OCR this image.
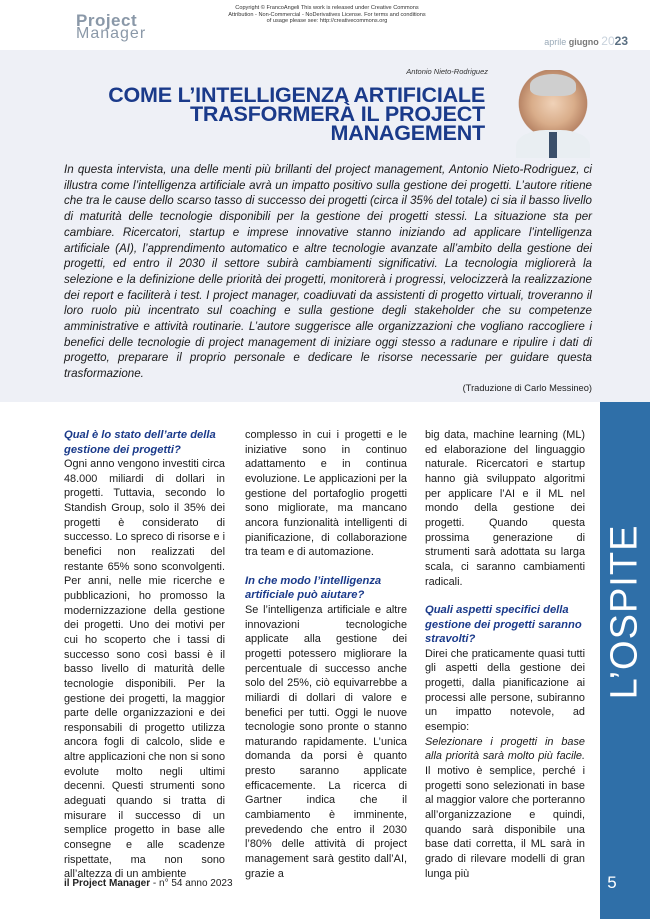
Project
Manager
Copyright © FrancoAngeli This work is released under Creative Commons Attribution - Non-Commercial - NoDerivatives License. For terms and conditions of usage please see: http://creativecommons.org
aprile giugno 2023
Antonio Nieto-Rodriguez
COME L’INTELLIGENZA ARTIFICIALE TRASFORMERÀ IL PROJECT MANAGEMENT

In questa intervista, una delle menti più brillanti del project management, Antonio Nieto-Rodriguez, ci illustra come l’intelligenza artificiale avrà un impatto positivo sulla gestione dei progetti. L’autore ritiene che tra le cause dello scarso tasso di successo dei progetti (circa il 35% del totale) ci sia il basso livello di maturità delle tecnologie disponibili per la gestione dei progetti stessi. La situazione sta per cambiare. Ricercatori, startup e imprese innovative stanno iniziando ad applicare l’intelligenza artificiale (AI), l’apprendimento automatico e altre tecnologie avanzate all’ambito della gestione dei progetti, ed entro il 2030 il settore subirà cambiamenti significativi. La tecnologia migliorerà la selezione e la definizione delle priorità dei progetti, monitorerà i progressi, velocizzerà la realizzazione dei report e faciliterà i test. I project manager, coadiuvati da assistenti di progetto virtuali, troveranno il loro ruolo più incentrato sul coaching e sulla gestione degli stakeholder che su competenze amministrative e attività routinarie. L’autore suggerisce alle organizzazioni che vogliano raccogliere i benefici delle tecnologie di project management di iniziare oggi stesso a radunare e ripulire i dati di progetto, preparare il proprio personale e dedicare le risorse necessarie per guidare questa trasformazione.

(Traduzione di Carlo Messineo)
L’OSPITE
Qual è lo stato dell’arte della gestione dei progetti?

Ogni anno vengono investiti circa 48.000 miliardi di dollari in progetti. Tuttavia, secondo lo Standish Group, solo il 35% dei progetti è considerato di successo. Lo spreco di risorse e i benefici non realizzati del restante 65% sono sconvolgenti. Per anni, nelle mie ricerche e pubblicazioni, ho promosso la modernizzazione della gestione dei progetti. Uno dei motivi per cui ho scoperto che i tassi di successo sono così bassi è il basso livello di maturità delle tecnologie disponibili. Per la gestione dei progetti, la maggior parte delle organizzazioni e dei responsabili di progetto utilizza ancora fogli di calcolo, slide e altre applicazioni che non si sono evolute molto negli ultimi decenni. Questi strumenti sono adeguati quando si tratta di misurare il successo di un semplice progetto in base alle consegne e alle scadenze rispettate, ma non sono all’altezza di un ambiente

complesso in cui i progetti e le iniziative sono in continuo adattamento e in continua evoluzione. Le applicazioni per la gestione del portafoglio progetti sono migliorate, ma mancano ancora funzionalità intelligenti di pianificazione, di collaborazione tra team e di automazione.

In che modo l’intelligenza artificiale può aiutare?

Se l’intelligenza artificiale e altre innovazioni tecnologiche applicate alla gestione dei progetti potessero migliorare la percentuale di successo anche solo del 25%, ciò equivarrebbe a miliardi di dollari di valore e benefici per tutti. Oggi le nuove tecnologie sono pronte o stanno maturando rapidamente. L’unica domanda da porsi è quanto presto saranno applicate efficacemente. La ricerca di Gartner indica che il cambiamento è imminente, prevedendo che entro il 2030 l’80% delle attività di project management sarà gestito dall’AI, grazie a

big data, machine learning (ML) ed elaborazione del linguaggio naturale. Ricercatori e startup hanno già sviluppato algoritmi per applicare l’AI e il ML nel mondo della gestione dei progetti. Quando questa prossima generazione di strumenti sarà adottata su larga scala, ci saranno cambiamenti radicali.

Quali aspetti specifici della gestione dei progetti saranno stravolti?

Direi che praticamente quasi tutti gli aspetti della gestione dei progetti, dalla pianificazione ai processi alle persone, subiranno un impatto notevole, ad esempio:

Selezionare i progetti in base alla priorità sarà molto più facile. Il motivo è semplice, perché i progetti sono selezionati in base al maggior valore che porteranno all’organizzazione e quindi, quando sarà disponibile una base dati corretta, il ML sarà in grado di rilevare modelli di gran lunga più

il Project Manager - n° 54 anno 2023	5
